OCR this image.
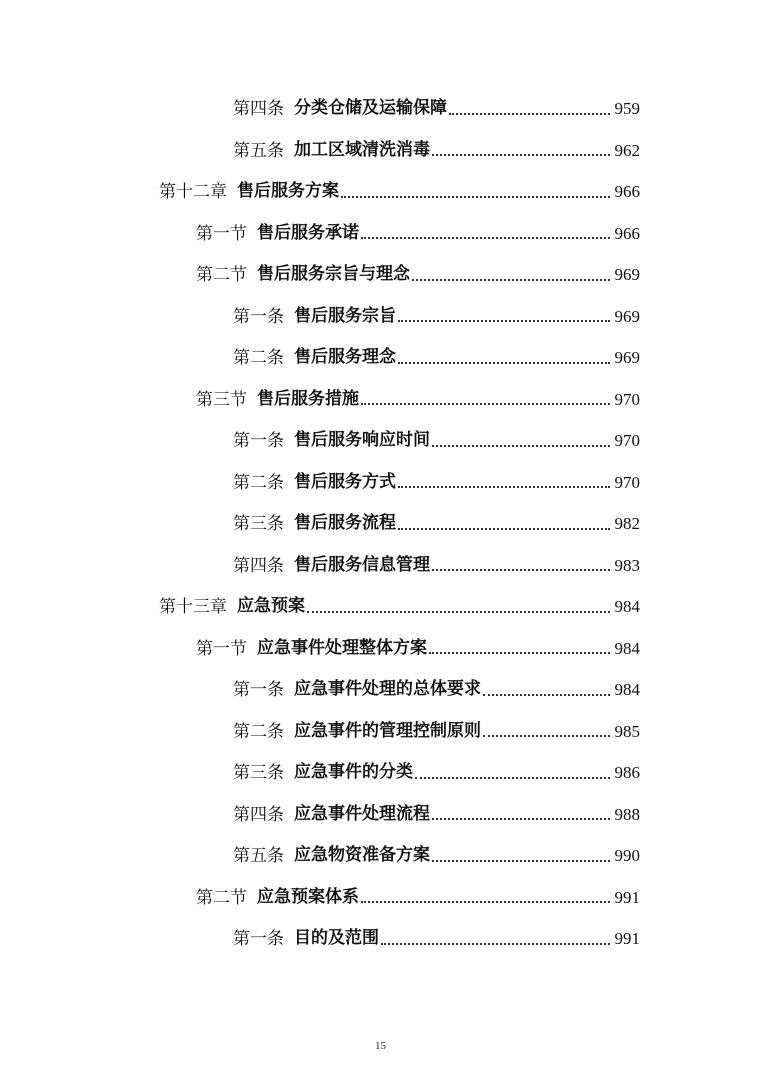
第四条 分类仓储及运输保障	959
第五条 加工区域清洗消毒	962
第十二章 售后服务方案	966
第一节 售后服务承诺	966
第二节 售后服务宗旨与理念	969
第一条 售后服务宗旨	969
第二条 售后服务理念	969
第三节 售后服务措施	970
第一条 售后服务响应时间	970
第二条 售后服务方式	970
第三条 售后服务流程	982
第四条 售后服务信息管理	983
第十三章 应急预案	984
第一节 应急事件处理整体方案	984
第一条 应急事件处理的总体要求	984
第二条 应急事件的管理控制原则	985
第三条 应急事件的分类	986
第四条 应急事件处理流程	988
第五条 应急物资准备方案	990
第二节 应急预案体系	991
第一条 目的及范围	991
15
